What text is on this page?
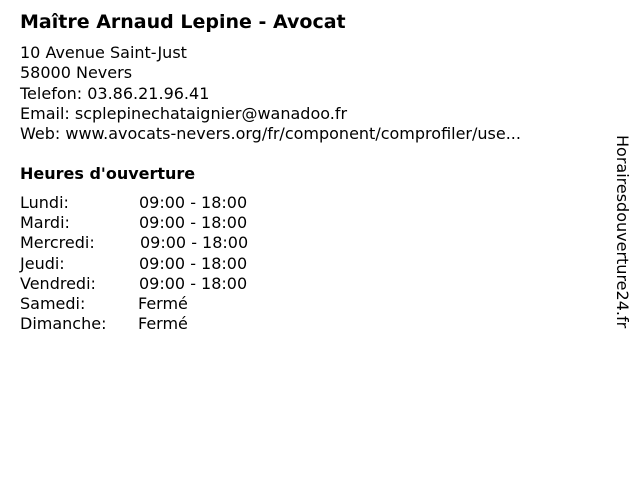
Maître Arnaud Lepine - Avocat
10 Avenue Saint-Just
58000 Nevers
Telefon: 03.86.21.96.41
Email: scplepinechataignier@wanadoo.fr
Web: www.avocats-nevers.org/fr/component/comprofiler/use...
Heures d'ouverture
Lundi:	09:00 - 18:00
Mardi:	09:00 - 18:00
Mercredi:	09:00 - 18:00
Jeudi:	09:00 - 18:00
Vendredi:	09:00 - 18:00
Samedi:	Fermé
Dimanche: Fermé	Horairesdouverture24.fr
